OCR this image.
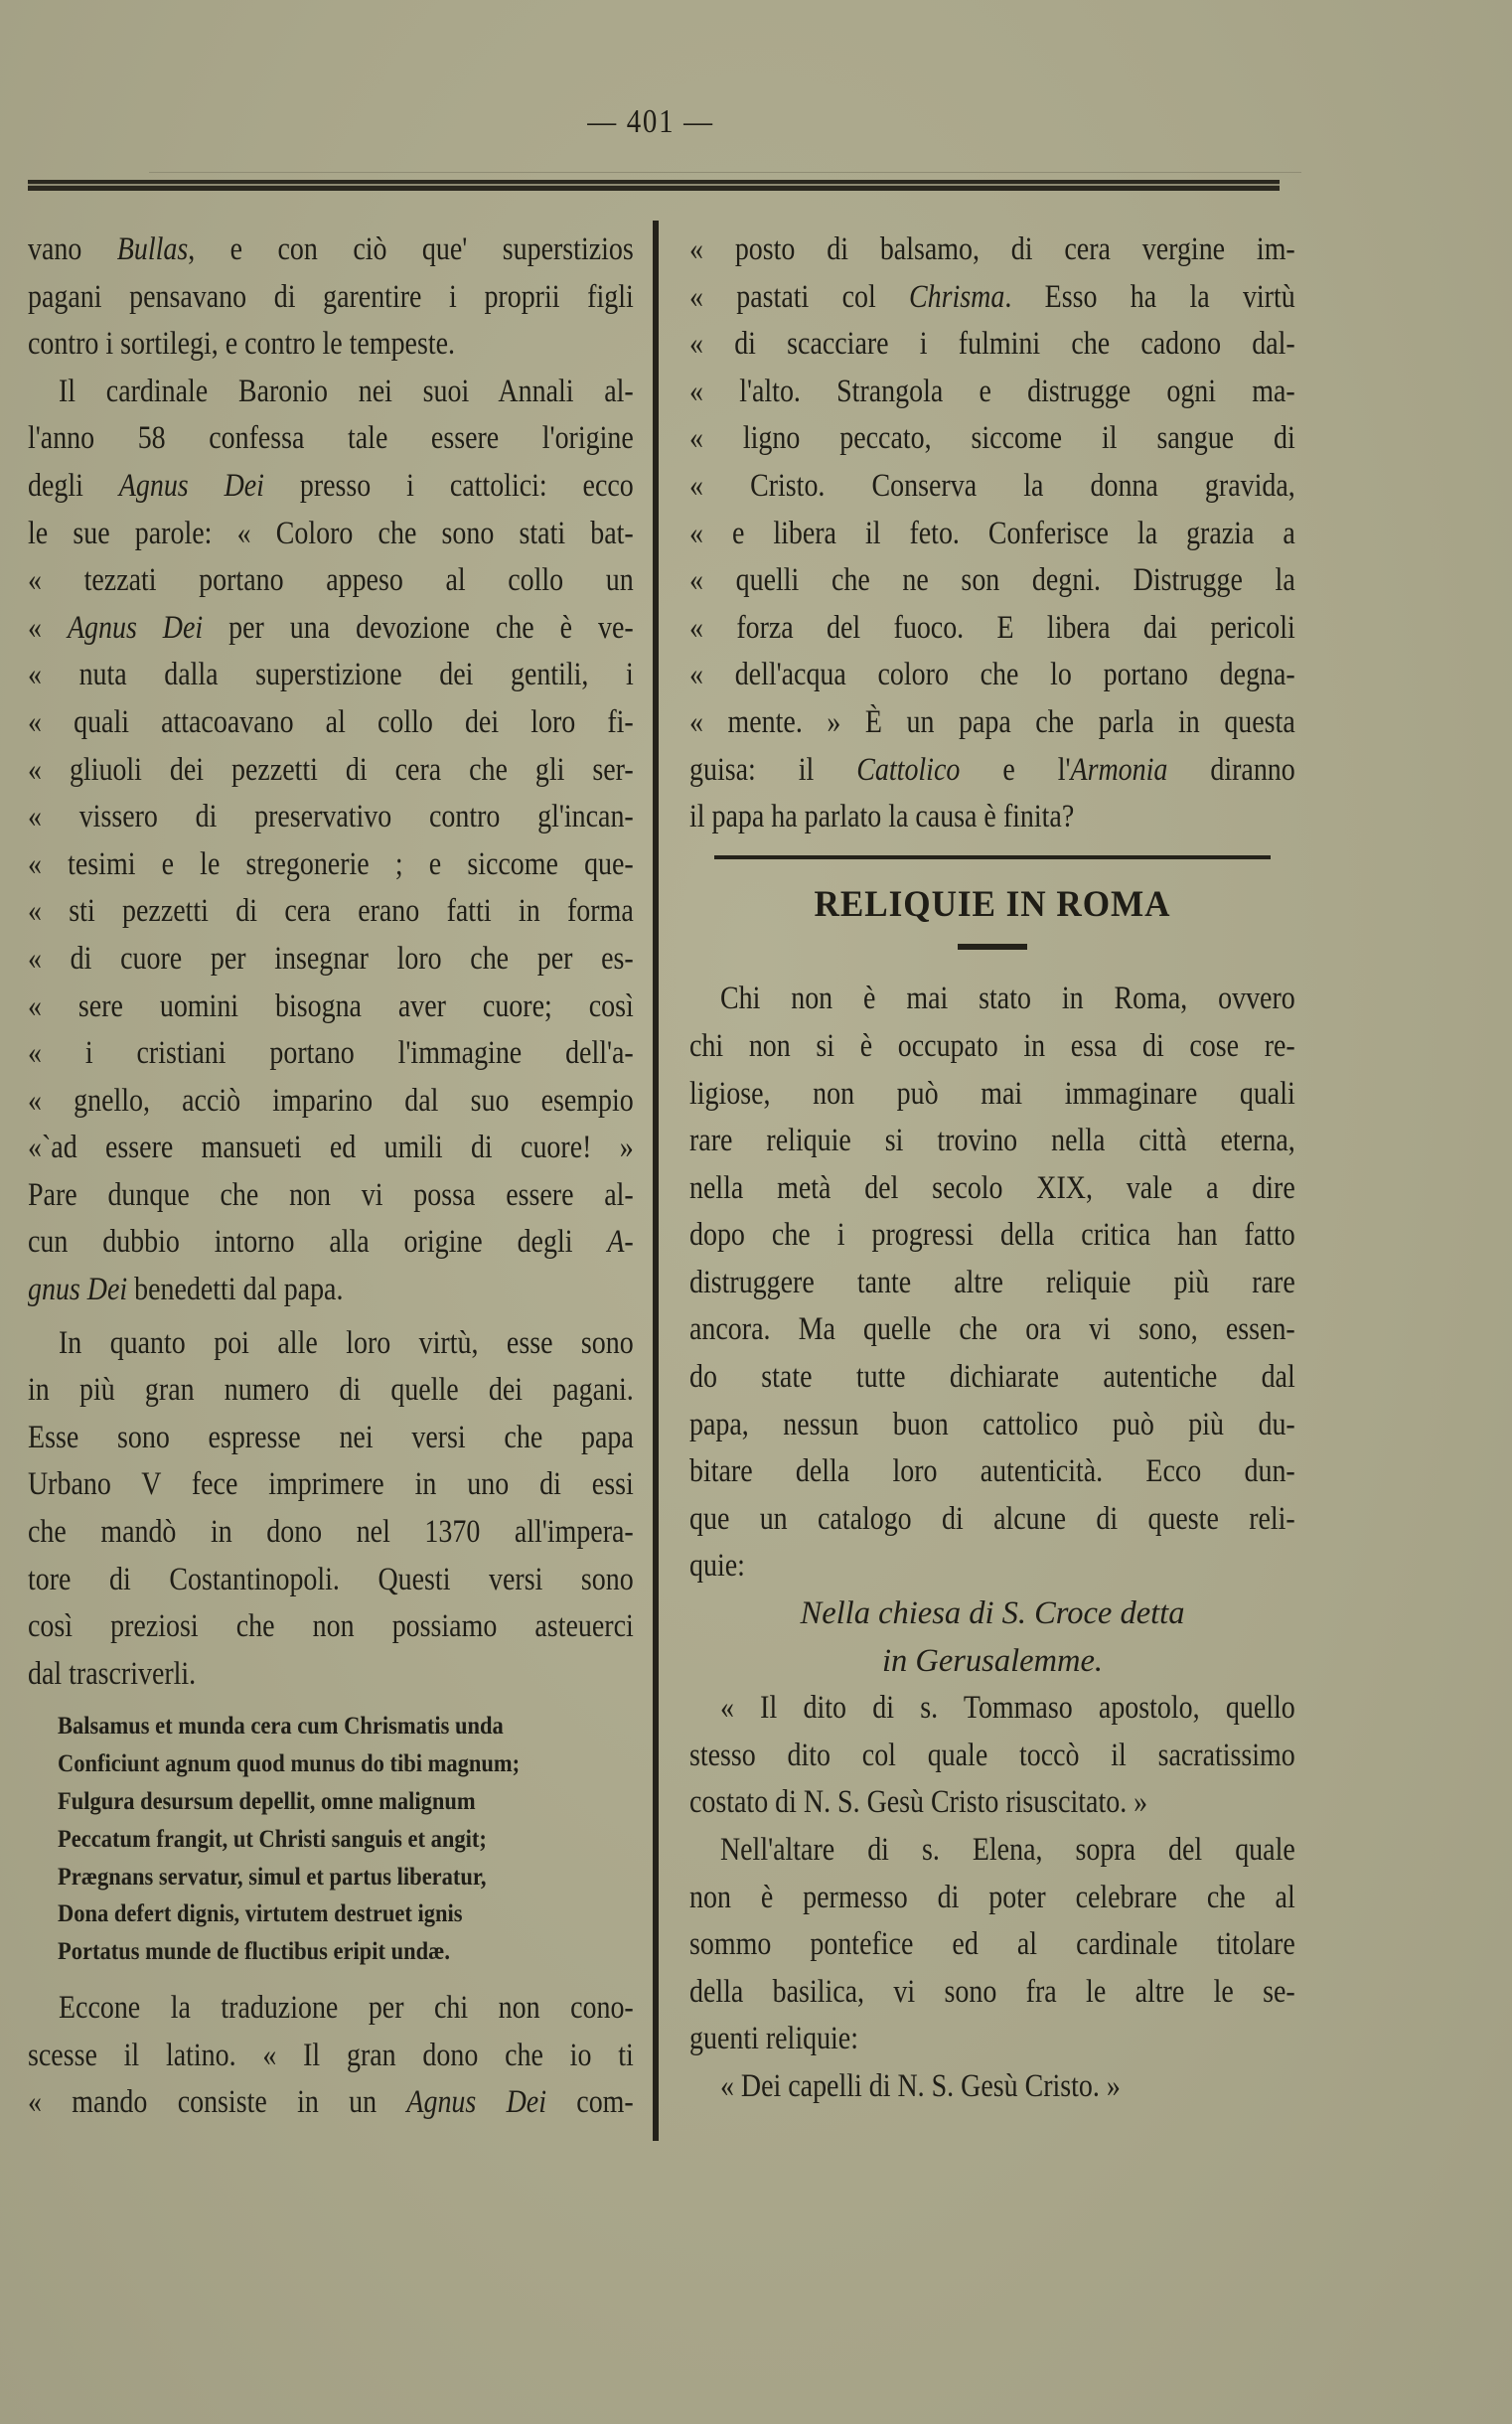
— 401 —
vano Bullas, e con ciò que' superstizios
pagani pensavano di garentire i proprii figli
contro i sortilegi, e contro le tempeste.
Il cardinale Baronio nei suoi Annali al-
l'anno 58 confessa tale essere l'origine
degli Agnus Dei presso i cattolici: ecco
le sue parole: « Coloro che sono stati bat-
« tezzati portano appeso al collo un
« Agnus Dei per una devozione che è ve-
« nuta dalla superstizione dei gentili, i
« quali attacoavano al collo dei loro fi-
« gliuoli dei pezzetti di cera che gli ser-
« vissero di preservativo contro gl'incan-
« tesimi e le stregonerie ; e siccome que-
« sti pezzetti di cera erano fatti in forma
« di cuore per insegnar loro che per es-
« sere uomini bisogna aver cuore; così
« i cristiani portano l'immagine dell'a-
« gnello, acciò imparino dal suo esempio
«`ad essere mansueti ed umili di cuore! »
Pare dunque che non vi possa essere al-
cun dubbio intorno alla origine degli A-
gnus Dei benedetti dal papa.
In quanto poi alle loro virtù, esse sono
in più gran numero di quelle dei pagani.
Esse sono espresse nei versi che papa
Urbano V fece imprimere in uno di essi
che mandò in dono nel 1370 all'impera-
tore di Costantinopoli. Questi versi sono
così preziosi che non possiamo asteuerci
dal trascriverli.
Balsamus et munda cera cum Chrismatis unda
Conficiunt agnum quod munus do tibi magnum;
Fulgura desursum depellit, omne malignum
Peccatum frangit, ut Christi sanguis et angit;
Prægnans servatur, simul et partus liberatur,
Dona defert dignis, virtutem destruet ignis
Portatus munde de fluctibus eripit undæ.
Eccone la traduzione per chi non cono-
scesse il latino. « Il gran dono che io ti
« mando consiste in un Agnus Dei com-
« posto di balsamo, di cera vergine im-
« pastati col Chrisma. Esso ha la virtù
« di scacciare i fulmini che cadono dal-
« l'alto. Strangola e distrugge ogni ma-
« ligno peccato, siccome il sangue di
« Cristo. Conserva la donna gravida,
« e libera il feto. Conferisce la grazia a
« quelli che ne son degni. Distrugge la
« forza del fuoco. E libera dai pericoli
« dell'acqua coloro che lo portano degna-
« mente. » È un papa che parla in questa
guisa: il Cattolico e l'Armonia diranno
il papa ha parlato la causa è finita?
RELIQUIE IN ROMA
Chi non è mai stato in Roma, ovvero
chi non si è occupato in essa di cose re-
ligiose, non può mai immaginare quali
rare reliquie si trovino nella città eterna,
nella metà del secolo XIX, vale a dire
dopo che i progressi della critica han fatto
distruggere tante altre reliquie più rare
ancora. Ma quelle che ora vi sono, essen-
do state tutte dichiarate autentiche dal
papa, nessun buon cattolico può più du-
bitare della loro autenticità. Ecco dun-
que un catalogo di alcune di queste reli-
quie:
Nella chiesa di S. Croce detta
in Gerusalemme.
« Il dito di s. Tommaso apostolo, quello
stesso dito col quale toccò il sacratissimo
costato di N. S. Gesù Cristo risuscitato. »
Nell'altare di s. Elena, sopra del quale
non è permesso di poter celebrare che al
sommo pontefice ed al cardinale titolare
della basilica, vi sono fra le altre le se-
guenti reliquie:
« Dei capelli di N. S. Gesù Cristo. »
